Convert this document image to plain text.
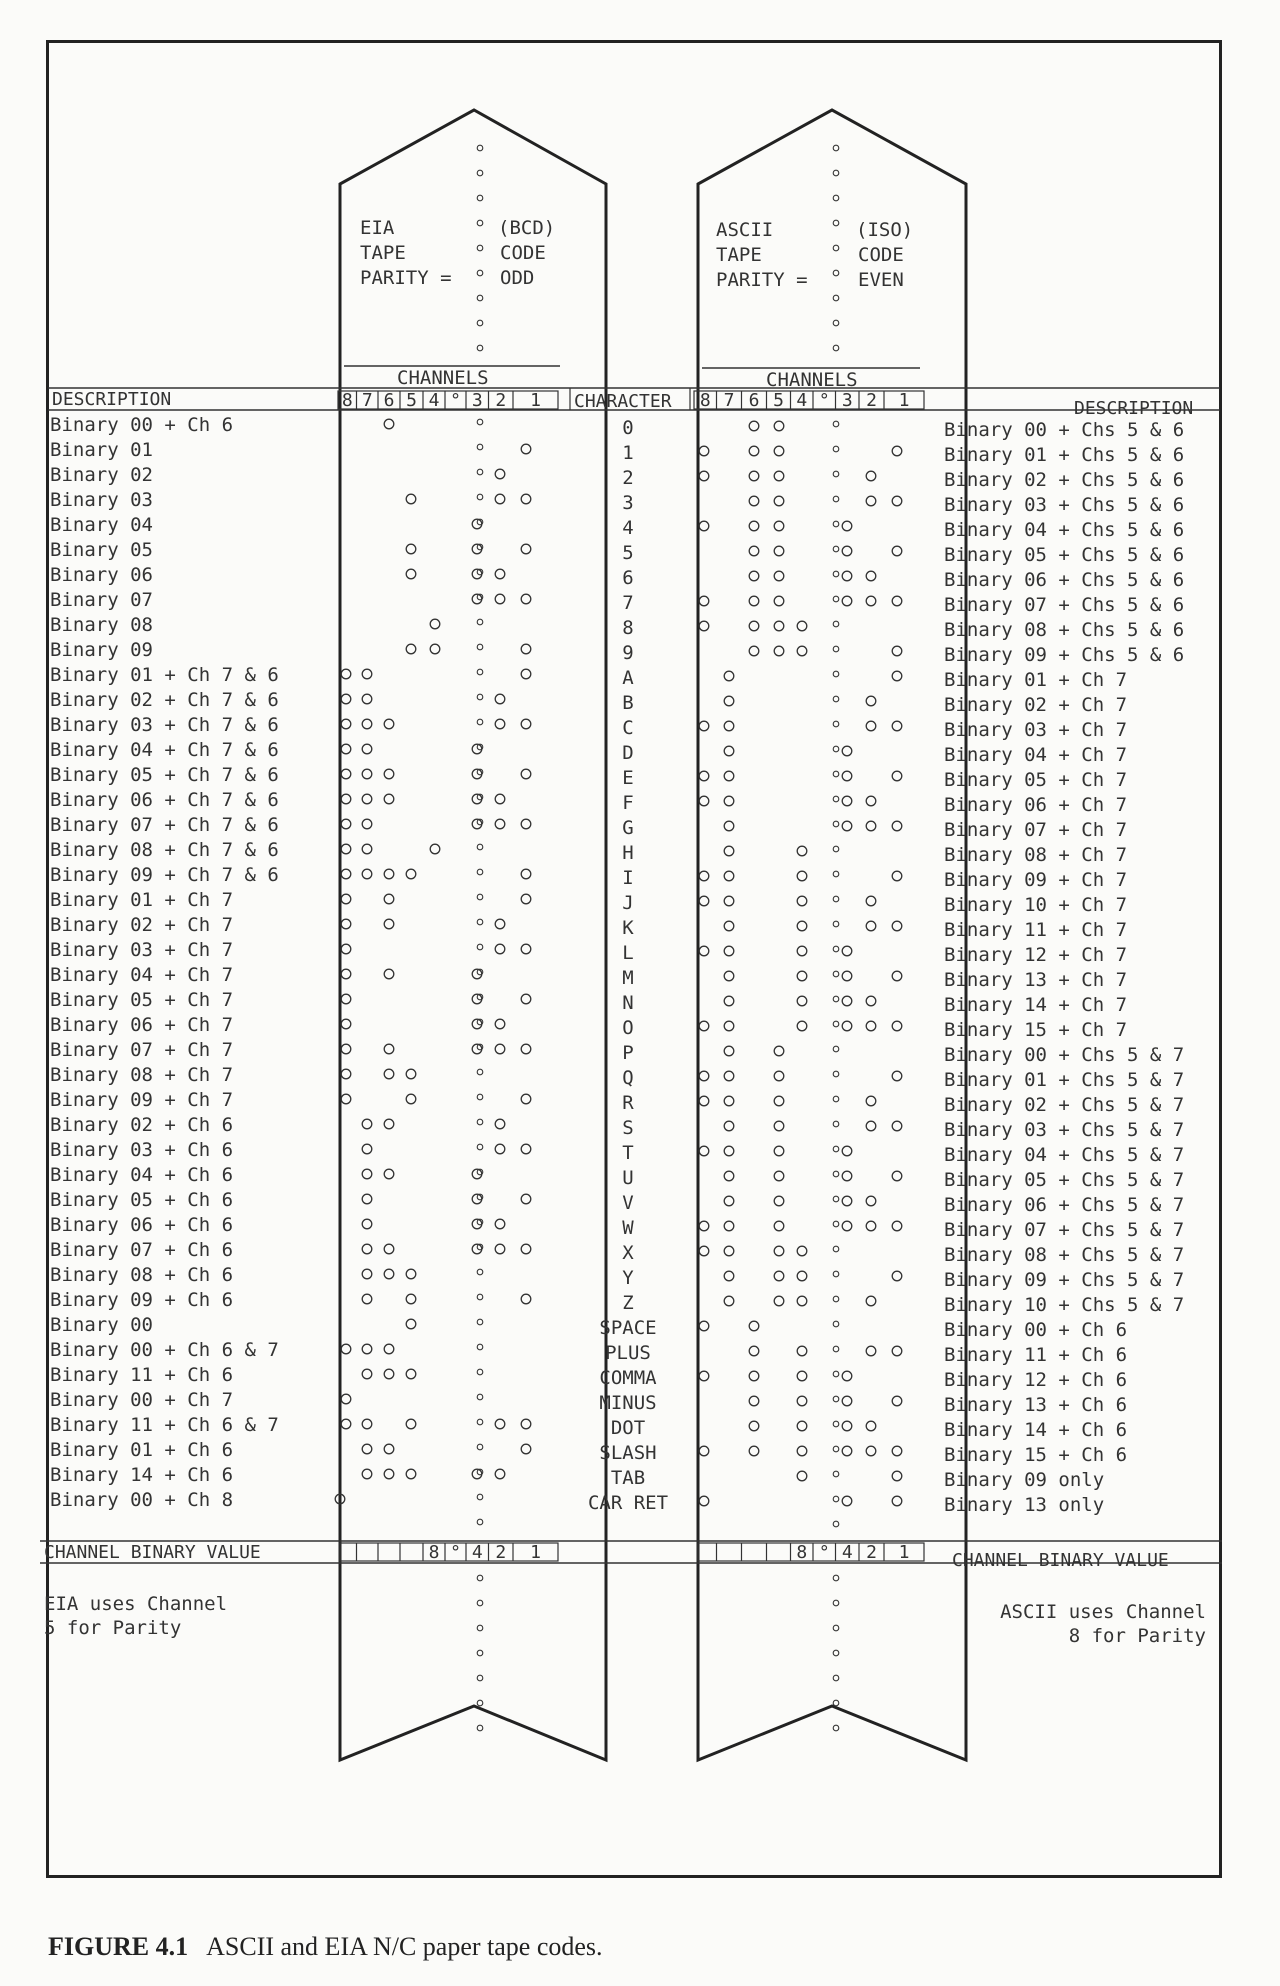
EIA
TAPE
PARITY =
(BCD)
CODE
ODD
ASCII
TAPE
PARITY =
(ISO)
CODE
EVEN
CHANNELS	CHANNELS
DESCRIPTION	CHARACTER	DESCRIPTION
8 7 6 5 4 ° 3 2 1	8 7 6 5 4 ° 3 2 1
Binary 00 + Ch 6	0	Binary 00 + Chs 5 & 6
Binary 01	1	Binary 01 + Chs 5 & 6
Binary 02	2	Binary 02 + Chs 5 & 6
Binary 03	3	Binary 03 + Chs 5 & 6
Binary 04	4	Binary 04 + Chs 5 & 6
Binary 05	5	Binary 05 + Chs 5 & 6
Binary 06	6	Binary 06 + Chs 5 & 6
Binary 07	7	Binary 07 + Chs 5 & 6
Binary 08	8	Binary 08 + Chs 5 & 6
Binary 09	9	Binary 09 + Chs 5 & 6
Binary 01 + Ch 7 & 6	A	Binary 01 + Ch 7
Binary 02 + Ch 7 & 6	B	Binary 02 + Ch 7
Binary 03 + Ch 7 & 6	C	Binary 03 + Ch 7
Binary 04 + Ch 7 & 6	D	Binary 04 + Ch 7
Binary 05 + Ch 7 & 6	E	Binary 05 + Ch 7
Binary 06 + Ch 7 & 6	F	Binary 06 + Ch 7
Binary 07 + Ch 7 & 6	G	Binary 07 + Ch 7
Binary 08 + Ch 7 & 6	H	Binary 08 + Ch 7
Binary 09 + Ch 7 & 6	I	Binary 09 + Ch 7
Binary 01 + Ch 7	J	Binary 10 + Ch 7
Binary 02 + Ch 7	K	Binary 11 + Ch 7
Binary 03 + Ch 7	L	Binary 12 + Ch 7
Binary 04 + Ch 7	M	Binary 13 + Ch 7
Binary 05 + Ch 7	N	Binary 14 + Ch 7
Binary 06 + Ch 7	O	Binary 15 + Ch 7
Binary 07 + Ch 7	P	Binary 00 + Chs 5 & 7
Binary 08 + Ch 7	Q	Binary 01 + Chs 5 & 7
Binary 09 + Ch 7	R	Binary 02 + Chs 5 & 7
Binary 02 + Ch 6	S	Binary 03 + Chs 5 & 7
Binary 03 + Ch 6	T	Binary 04 + Chs 5 & 7
Binary 04 + Ch 6	U	Binary 05 + Chs 5 & 7
Binary 05 + Ch 6	V	Binary 06 + Chs 5 & 7
Binary 06 + Ch 6	W	Binary 07 + Chs 5 & 7
Binary 07 + Ch 6	X	Binary 08 + Chs 5 & 7
Binary 08 + Ch 6	Y	Binary 09 + Chs 5 & 7
Binary 09 + Ch 6	Z	Binary 10 + Chs 5 & 7
Binary 00	SPACE	Binary 00 + Ch 6
Binary 00 + Ch 6 & 7	PLUS	Binary 11 + Ch 6
Binary 11 + Ch 6	COMMA	Binary 12 + Ch 6
Binary 00 + Ch 7	MINUS	Binary 13 + Ch 6
Binary 11 + Ch 6 & 7	DOT	Binary 14 + Ch 6
Binary 01 + Ch 6	SLASH	Binary 15 + Ch 6
Binary 14 + Ch 6	TAB	Binary 09 only
Binary 00 + Ch 8	CAR RET	Binary 13 only
CHANNEL BINARY VALUE	CHANNEL BINARY VALUE
8 ° 4 2 1	8 ° 4 2 1
EIA uses Channel
5 for Parity
ASCII uses Channel
8 for Parity
FIGURE 4.1 ASCII and EIA N/C paper tape codes.
